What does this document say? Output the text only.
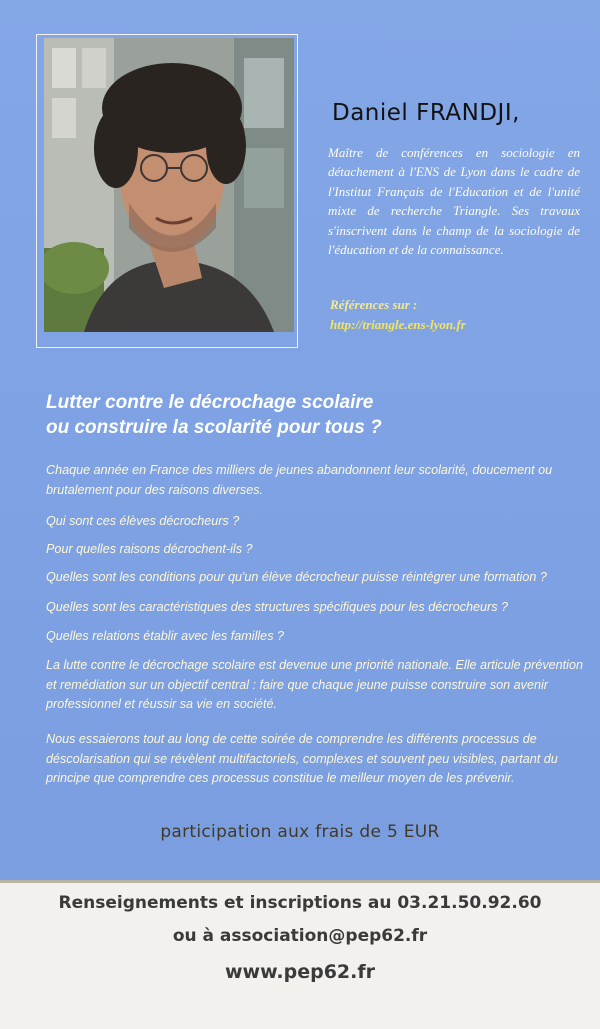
Daniel FRANDJI,
Maître de conférences en sociologie en détachement à l'ENS de Lyon dans le cadre de l'Institut Français de l'Education et de l'unité mixte de recherche Triangle. Ses travaux s'inscrivent dans le champ de la sociologie de l'éducation et de la connaissance.
Références sur :
http://triangle.ens-lyon.fr
Lutter contre le décrochage scolaire
ou construire la scolarité pour tous ?
Chaque année en France des milliers de jeunes abandonnent leur scolarité, doucement ou brutalement pour des raisons diverses.
Qui sont ces élèves décrocheurs ?
Pour quelles raisons décrochent-ils ?
Quelles sont les conditions pour qu'un élève décrocheur puisse réintégrer une formation ?
Quelles sont les caractéristiques des structures spécifiques pour les décrocheurs ?
Quelles relations établir avec les familles ?
La lutte contre le décrochage scolaire est devenue une priorité nationale. Elle articule prévention et remédiation sur un objectif central : faire que chaque jeune puisse construire son avenir professionnel et réussir sa vie en société.
Nous essaierons tout au long de cette soirée de comprendre les différents processus de déscolarisation qui se révèlent multifactoriels, complexes et souvent peu visibles, partant du principe que comprendre ces processus constitue le meilleur moyen de les prévenir.
participation aux frais de 5 EUR
Renseignements et inscriptions au 03.21.50.92.60
ou à association@pep62.fr
www.pep62.fr
